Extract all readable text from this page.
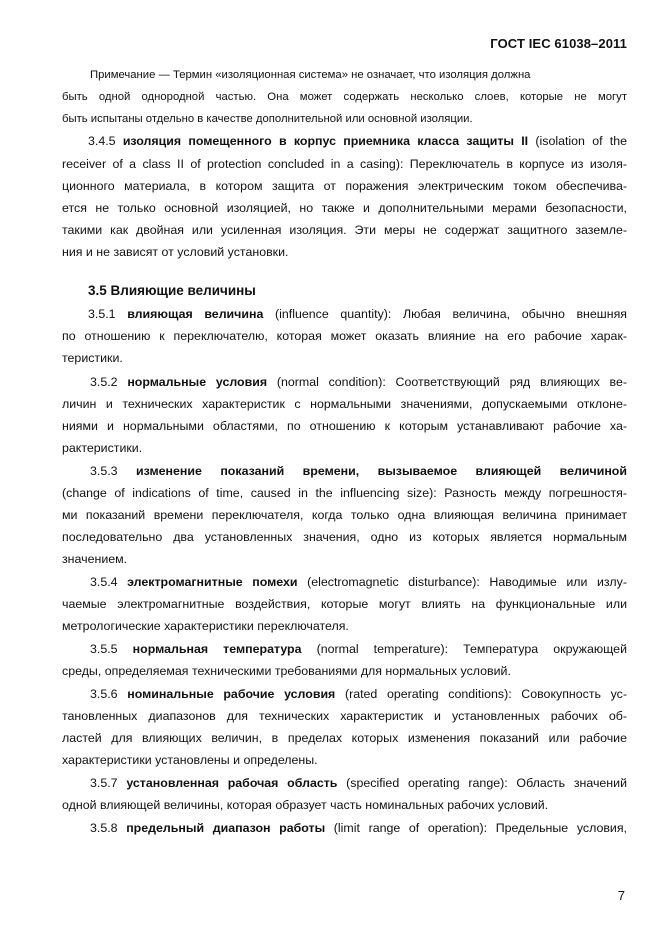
ГОСТ IEC 61038–2011
Примечание — Термин «изоляционная система» не означает, что изоляция должна
быть одной однородной частью. Она может содержать несколько слоев, которые не могут
быть испытаны отдельно в качестве дополнительной или основной изоляции.
3.4.5 изоляция помещенного в корпус приемника класса защиты II (isolation of the
receiver of a class II of protection concluded in a casing): Переключатель в корпусе из изоля-
ционного материала, в котором защита от поражения электрическим током обеспечива-
ется не только основной изоляцией, но также и дополнительными мерами безопасности,
такими как двойная или усиленная изоляция. Эти меры не содержат защитного заземле-
ния и не зависят от условий установки.
3.5 Влияющие величины
3.5.1 влияющая величина (influence quantity): Любая величина, обычно внешняя
по отношению к переключателю, которая может оказать влияние на его рабочие харак-
теристики.
3.5.2 нормальные условия (normal condition): Соответствующий ряд влияющих ве-
личин и технических характеристик с нормальными значениями, допускаемыми отклоне-
ниями и нормальными областями, по отношению к которым устанавливают рабочие ха-
рактеристики.
3.5.3 изменение показаний времени, вызываемое влияющей величиной
(change of indications of time, caused in the influencing size): Разность между погрешностя-
ми показаний времени переключателя, когда только одна влияющая величина принимает
последовательно два установленных значения, одно из которых является нормальным
значением.
3.5.4 электромагнитные помехи (electromagnetic disturbance): Наводимые или излу-
чаемые электромагнитные воздействия, которые могут влиять на функциональные или
метрологические характеристики переключателя.
3.5.5 нормальная температура (normal temperature): Температура окружающей
среды, определяемая техническими требованиями для нормальных условий.
3.5.6 номинальные рабочие условия (rated operating conditions): Совокупность ус-
тановленных диапазонов для технических характеристик и установленных рабочих об-
ластей для влияющих величин, в пределах которых изменения показаний или рабочие
характеристики установлены и определены.
3.5.7 установленная рабочая область (specified operating range): Область значений
одной влияющей величины, которая образует часть номинальных рабочих условий.
3.5.8 предельный диапазон работы (limit range of operation): Предельные условия,
7
